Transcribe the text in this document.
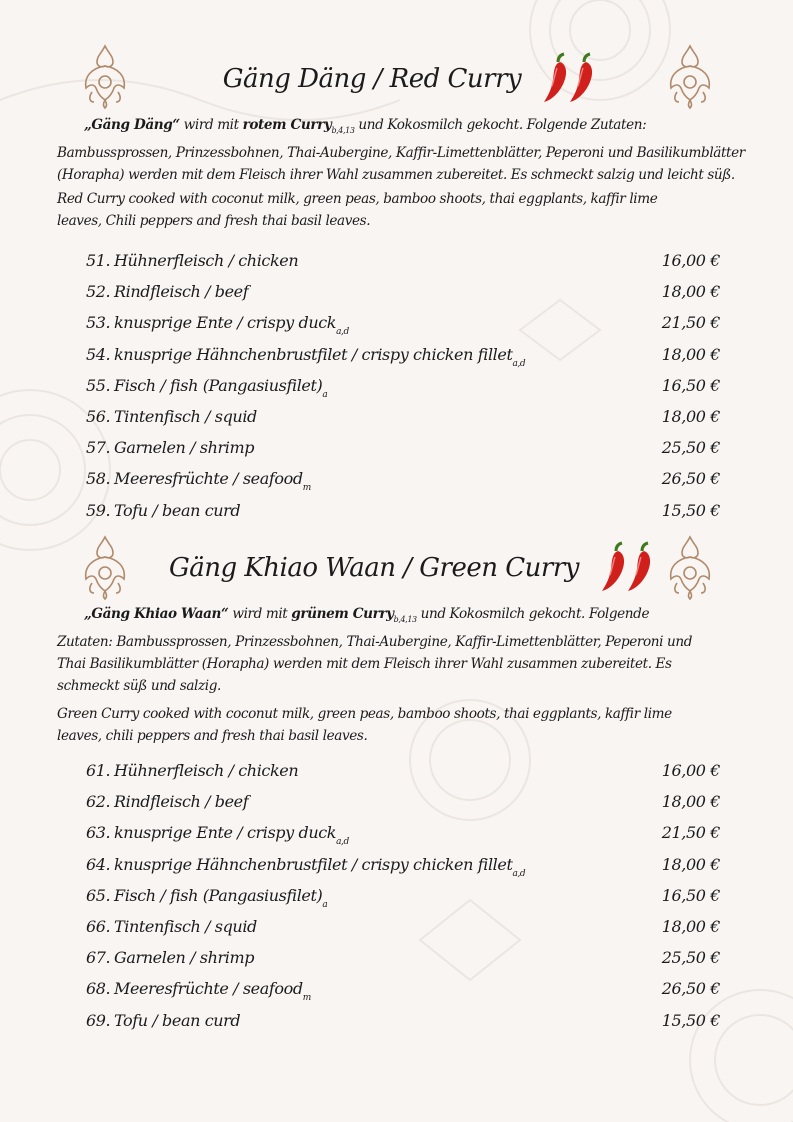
Gäng Däng / Red Curry
„Gäng Däng“ wird mit rotem Curry$_{b,4,13}$ und Kokosmilch gekocht. Folgende Zutaten: Bambussprossen, Prinzessbohnen, Thai-Aubergine, Kaffir-Limettenblätter, Peperoni und Basilikumblätter (Horapha) werden mit dem Fleisch ihrer Wahl zusammen zubereitet. Es schmeckt salzig und leicht süß.
Red Curry cooked with coconut milk, green peas, bamboo shoots, thai eggplants, kaffir lime leaves, Chili peppers and fresh thai basil leaves.
51. Hühnerfleisch / chicken	16,00 €
52. Rindfleisch / beef	18,00 €
53. knusprige Ente / crispy duck$_{a,d}$	21,50 €
54. knusprige Hähnchenbrustfilet / crispy chicken fillet$_{a,d}$	18,00 €
55. Fisch / fish $(Pangasiusfilet)_a$	16,50 €
56. Tintenfisch / squid	18,00 €
57. Garnelen / shrimp	25,50 €
58. Meeresfrüchte / seafood$_m$	26,50 €
59. Tofu / bean curd	15,50 €
Gäng Khiao Waan / Green Curry
„Gäng Khiao Waan“ wird mit grünem Curry$_{b,4,13}$ und Kokosmilch gekocht. Folgende Zutaten: Bambussprossen, Prinzessbohnen, Thai-Aubergine, Kaffir-Limettenblätter, Peperoni und Thai Basilikumblätter (Horapha) werden mit dem Fleisch ihrer Wahl zusammen zubereitet. Es schmeckt süß und salzig.
Green Curry cooked with coconut milk, green peas, bamboo shoots, thai eggplants, kaffir lime leaves, chili peppers and fresh thai basil leaves.
61. Hühnerfleisch / chicken	16,00 €
62. Rindfleisch / beef	18,00 €
63. knusprige Ente / crispy duck$_{a,d}$	21,50 €
64. knusprige Hähnchenbrustfilet / crispy chicken fillet$_{a,d}$	18,00 €
65. Fisch / fish $(Pangasiusfilet)_a$	16,50 €
66. Tintenfisch / squid	18,00 €
67. Garnelen / shrimp	25,50 €
68. Meeresfrüchte / seafood$_m$	26,50 €
69. Tofu / bean curd	15,50 €
